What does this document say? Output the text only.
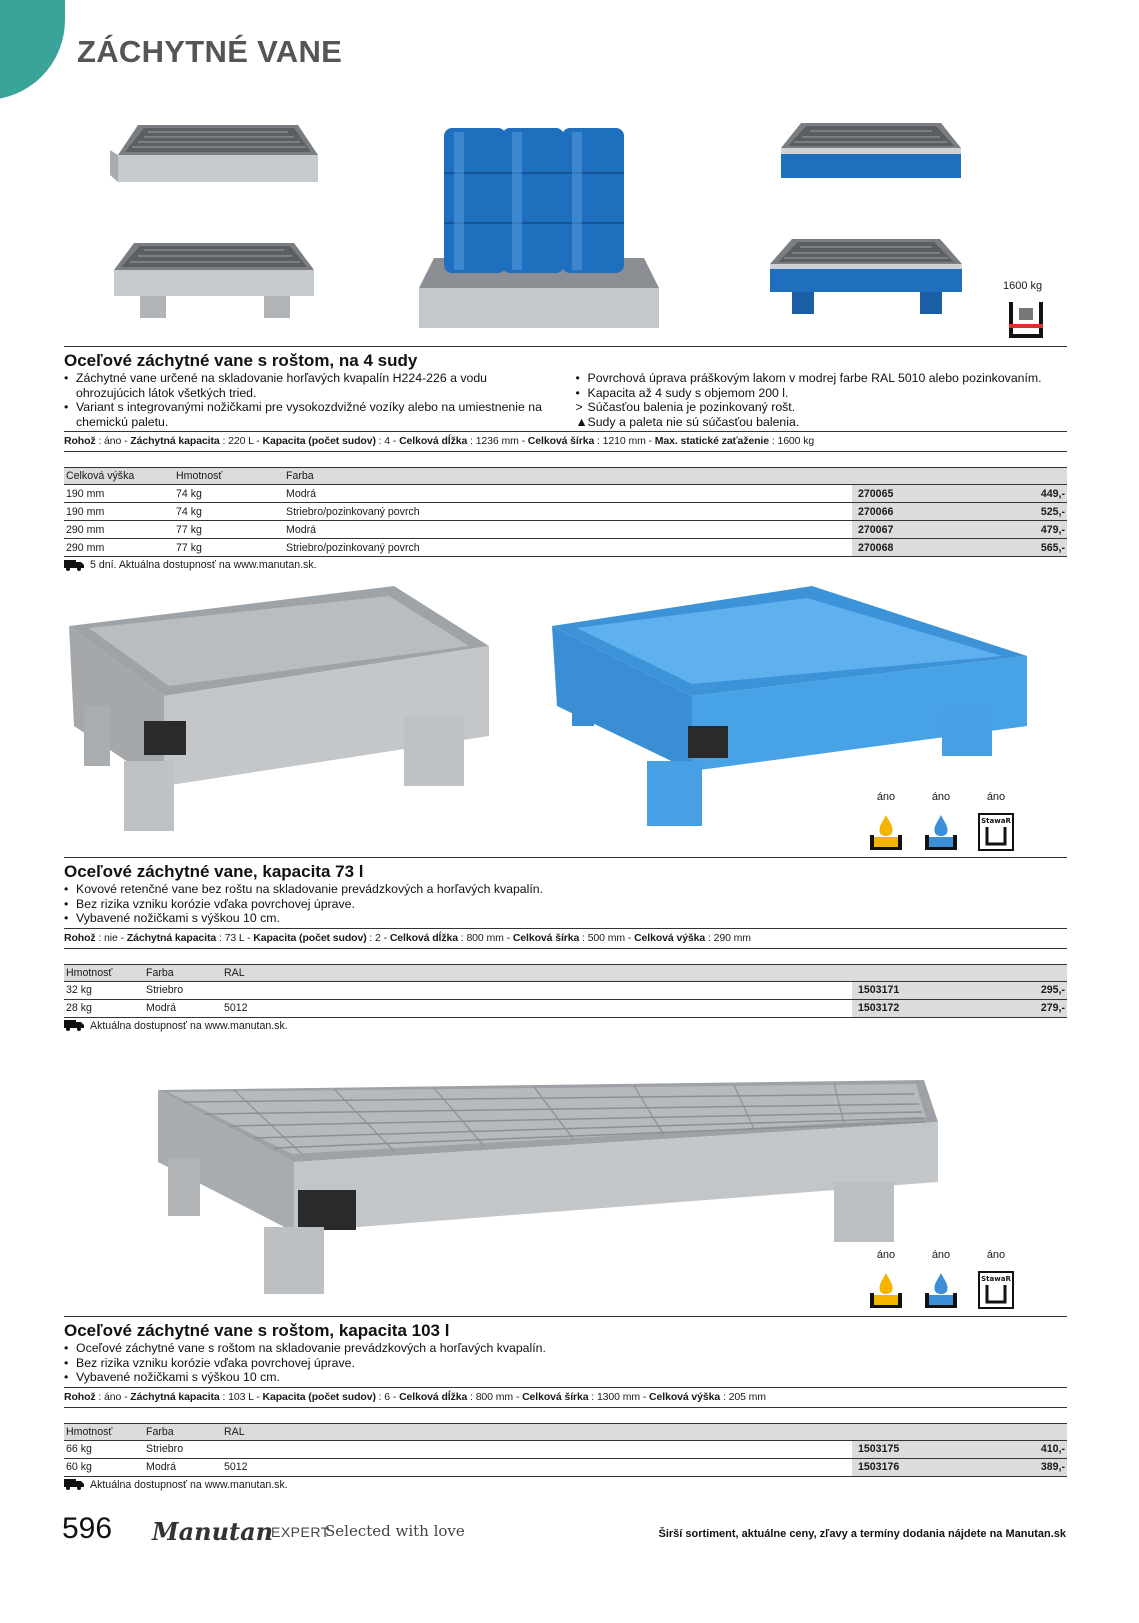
ZÁCHYTNÉ VANE
1600 kg
Oceľové záchytné vane s roštom, na 4 sudy
• Záchytné vane určené na skladovanie horľavých kvapalín H224-226 a vodu ohrozujúcich látok všetkých tried.
• Variant s integrovanými nožičkami pre vysokozdvižné vozíky alebo na umiestnenie na chemickú paletu.
• Povrchová úprava práškovým lakom v modrej farbe RAL 5010 alebo pozinkovaním.
• Kapacita až 4 sudy s objemom 200 l.
> Súčasťou balenia je pozinkovaný rošt.
▲ Sudy a paleta nie sú súčasťou balenia.
Rohož : áno - Záchytná kapacita : 220 L - Kapacita (počet sudov) : 4 - Celková dĺžka : 1236 mm - Celková šírka : 1210 mm - Max. statické zaťaženie : 1600 kg
Celková výška	Hmotnosť	Farba		
190 mm	74 kg	Modrá	270065	449,-
190 mm	74 kg	Striebro/pozinkovaný povrch	270066	525,-
290 mm	77 kg	Modrá	270067	479,-
290 mm	77 kg	Striebro/pozinkovaný povrch	270068	565,-
5 dní. Aktuálna dostupnosť na www.manutan.sk.
áno	áno	áno
StawaR
Oceľové záchytné vane, kapacita 73 l
• Kovové retenčné vane bez roštu na skladovanie prevádzkových a horľavých kvapalín.
• Bez rizika vzniku korózie vďaka povrchovej úprave.
• Vybavené nožičkami s výškou 10 cm.
Rohož : nie - Záchytná kapacita : 73 L - Kapacita (počet sudov) : 2 - Celková dĺžka : 800 mm - Celková šírka : 500 mm - Celková výška : 290 mm
Hmotnosť	Farba	RAL		
32 kg	Striebro		1503171	295,-
28 kg	Modrá	5012	1503172	279,-
Aktuálna dostupnosť na www.manutan.sk.
áno	áno	áno
StawaR
Oceľové záchytné vane s roštom, kapacita 103 l
• Oceľové záchytné vane s roštom na skladovanie prevádzkových a horľavých kvapalín.
• Bez rizika vzniku korózie vďaka povrchovej úprave.
• Vybavené nožičkami s výškou 10 cm.
Rohož : áno - Záchytná kapacita : 103 L - Kapacita (počet sudov) : 6 - Celková dĺžka : 800 mm - Celková šírka : 1300 mm - Celková výška : 205 mm
Hmotnosť	Farba	RAL		
66 kg	Striebro		1503175	410,-
60 kg	Modrá	5012	1503176	389,-
Aktuálna dostupnosť na www.manutan.sk.
596 Manutan
EXPERT
Selected with love	Širší sortiment, aktuálne ceny, zľavy a termíny dodania nájdete na Manutan.sk
